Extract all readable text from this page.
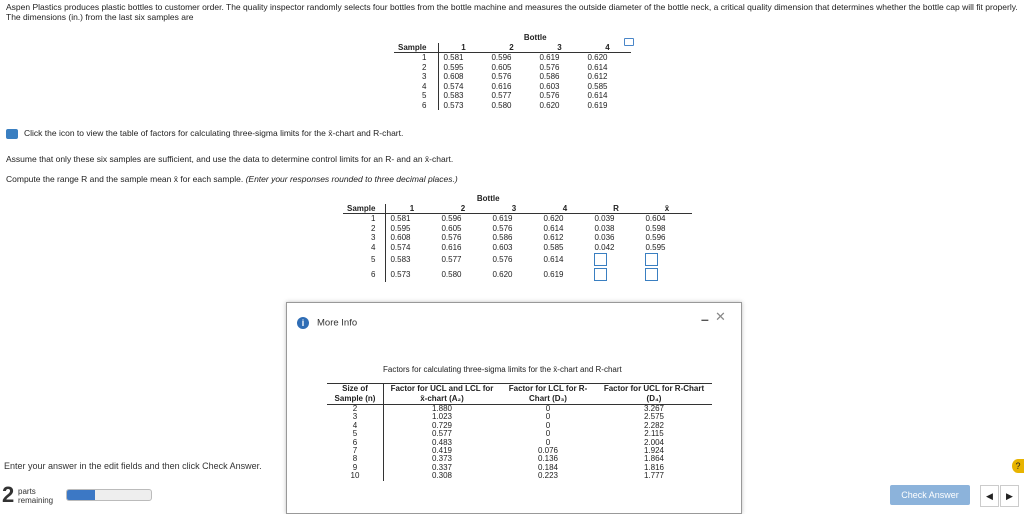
Aspen Plastics produces plastic bottles to customer order. The quality inspector randomly selects four bottles from the bottle machine and measures the outside diameter of the bottle neck, a critical quality dimension that determines whether the bottle cap will fit properly. The dimensions (in.) from the last six samples are
	Bottle			
Sample	1	2	3	4
1	0.581	0.596	0.619	0.620
2	0.595	0.605	0.576	0.614
3	0.608	0.576	0.586	0.612
4	0.574	0.616	0.603	0.585
5	0.583	0.577	0.576	0.614
6	0.573	0.580	0.620	0.619
Click the icon to view the table of factors for calculating three-sigma limits for the x̄-chart and R-chart.
Assume that only these six samples are sufficient, and use the data to determine control limits for an R- and an x̄-chart.
Compute the range R and the sample mean x̄ for each sample. (Enter your responses rounded to three decimal places.)
	Bottle					
Sample	1	2	3	4	R	x̄
1	0.581	0.596	0.619	0.620	0.039	0.604
2	0.595	0.605	0.576	0.614	0.038	0.598
3	0.608	0.576	0.586	0.612	0.036	0.596
4	0.574	0.616	0.603	0.585	0.042	0.595
5	0.583	0.577	0.576	0.614		
6	0.573	0.580	0.620	0.619		
i More Info	– ✕
Factors for calculating three-sigma limits for the x̄-chart and R-chart
Size of Sample (n)	Factor for UCL and LCL for x̄-chart (A₂)	Factor for LCL for R-Chart (D₃)	Factor for UCL for R-Chart (D₄)
2	1.880	0	3.267
3	1.023	0	2.575
4	0.729	0	2.282
5	0.577	0	2.115
6	0.483	0	2.004
7	0.419	0.076	1.924
8	0.373	0.136	1.864
9	0.337	0.184	1.816
10	0.308	0.223	1.777
Enter your answer in the edit fields and then click Check Answer.
2 parts
remaining
Check Answer	◀	▶
?
